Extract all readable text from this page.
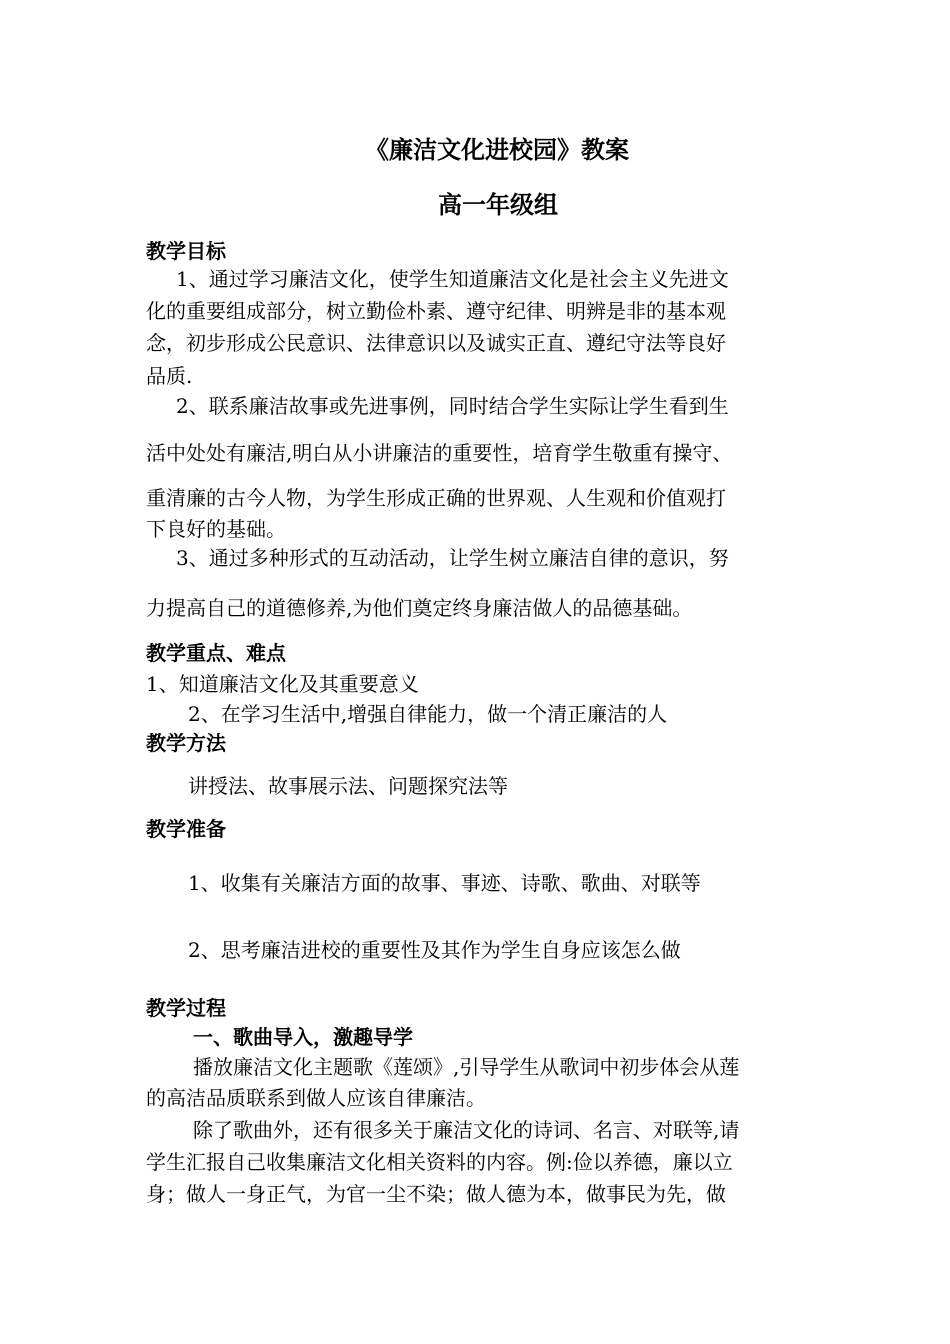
《廉洁文化进校园》教案
高一年级组
教学目标
1、通过学习廉洁文化，使学生知道廉洁文化是社会主义先进文
化的重要组成部分，树立勤俭朴素、遵守纪律、明辨是非的基本观
念，初步形成公民意识、法律意识以及诚实正直、遵纪守法等良好
品质.
2、联系廉洁故事或先进事例，同时结合学生实际让学生看到生
活中处处有廉洁,明白从小讲廉洁的重要性，培育学生敬重有操守、
重清廉的古今人物，为学生形成正确的世界观、人生观和价值观打
下良好的基础。
3、通过多种形式的互动活动，让学生树立廉洁自律的意识，努
力提高自己的道德修养,为他们奠定终身廉洁做人的品德基础。
教学重点、难点
1、知道廉洁文化及其重要意义
2、在学习生活中,增强自律能力，做一个清正廉洁的人
教学方法
讲授法、故事展示法、问题探究法等
教学准备
1、收集有关廉洁方面的故事、事迹、诗歌、歌曲、对联等
2、思考廉洁进校的重要性及其作为学生自身应该怎么做
教学过程
一、歌曲导入，激趣导学
播放廉洁文化主题歌《莲颂》,引导学生从歌词中初步体会从莲
的高洁品质联系到做人应该自律廉洁。
除了歌曲外，还有很多关于廉洁文化的诗词、名言、对联等,请
学生汇报自己收集廉洁文化相关资料的内容。例:俭以养德，廉以立
身；做人一身正气，为官一尘不染；做人德为本，做事民为先，做
